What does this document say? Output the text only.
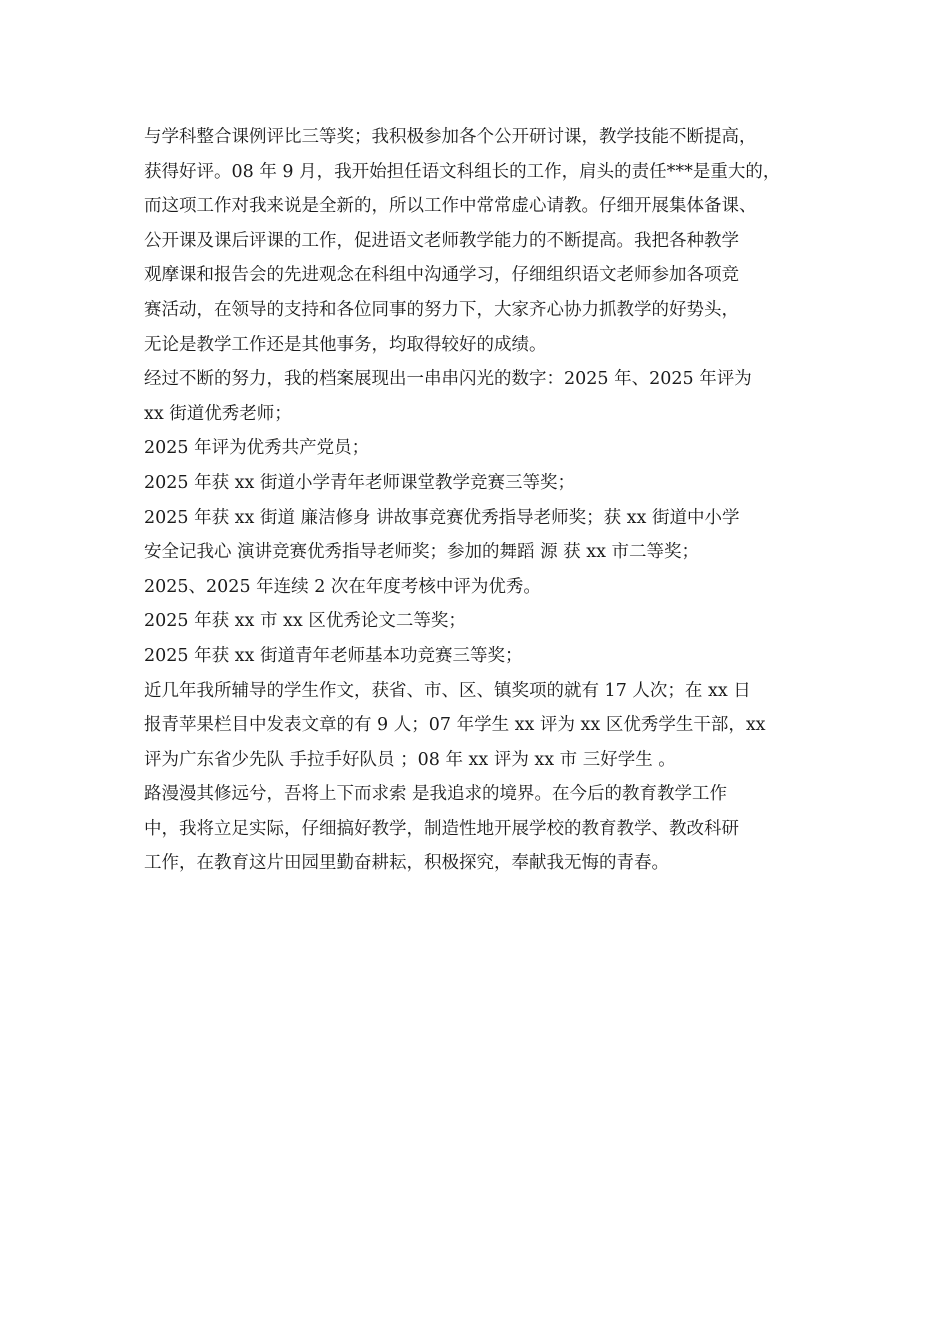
与学科整合课例评比三等奖；我积极参加各个公开研讨课，教学技能不断提高，
获得好评。08 年 9 月，我开始担任语文科组长的工作，肩头的责任***是重大的，
而这项工作对我来说是全新的，所以工作中常常虚心请教。仔细开展集体备课、
公开课及课后评课的工作，促进语文老师教学能力的不断提高。我把各种教学
观摩课和报告会的先进观念在科组中沟通学习，仔细组织语文老师参加各项竞
赛活动，在领导的支持和各位同事的努力下，大家齐心协力抓教学的好势头，
无论是教学工作还是其他事务，均取得较好的成绩。
经过不断的努力，我的档案展现出一串串闪光的数字：2025 年、2025 年评为
xx 街道优秀老师；
2025 年评为优秀共产党员；
2025 年获 xx 街道小学青年老师课堂教学竞赛三等奖；
2025 年获 xx 街道 廉洁修身 讲故事竞赛优秀指导老师奖；获 xx 街道中小学
安全记我心 演讲竞赛优秀指导老师奖；参加的舞蹈 源 获 xx 市二等奖；
2025、2025 年连续 2 次在年度考核中评为优秀。
2025 年获 xx 市 xx 区优秀论文二等奖；
2025 年获 xx 街道青年老师基本功竞赛三等奖；
近几年我所辅导的学生作文，获省、市、区、镇奖项的就有 17 人次；在 xx 日
报青苹果栏目中发表文章的有 9 人；07 年学生 xx 评为 xx 区优秀学生干部，xx
评为广东省少先队 手拉手好队员 ；08 年 xx 评为 xx 市 三好学生 。
路漫漫其修远兮，吾将上下而求索 是我追求的境界。在今后的教育教学工作
中，我将立足实际，仔细搞好教学，制造性地开展学校的教育教学、教改科研
工作，在教育这片田园里勤奋耕耘，积极探究，奉献我无悔的青春。
